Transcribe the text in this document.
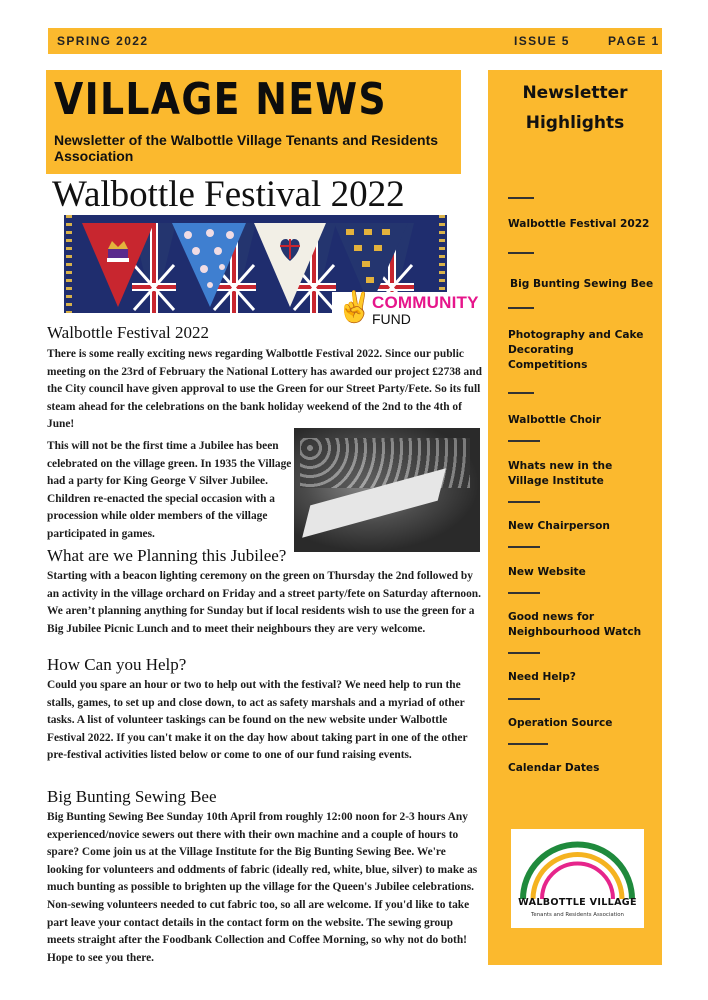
SPRING 2022	ISSUE 5	PAGE 1
VILLAGE NEWS
Newsletter of the Walbottle Village Tenants and Residents Association
Walbottle Festival 2022
✌
COMMUNITY
FUND
Walbottle Festival 2022
There is some really exciting news regarding Walbottle Festival 2022. Since our public meeting on the 23rd of February the National Lottery has awarded our project £2738 and the City council have given approval to use the Green for our Street Party/Fete. So its full steam ahead for the celebrations on the bank holiday weekend of the 2nd to the 4th of June!
This will not be the first time a Jubilee has been celebrated on the village green. In 1935 the Village had a party for King George V Silver Jubilee. Children re-enacted the special occasion with a procession while older members of the village participated in games.
What are we Planning this Jubilee?
Starting with a beacon lighting ceremony on the green on Thursday the 2nd followed by an activity in the village orchard on Friday and a street party/fete on Saturday afternoon. We aren’t planning anything for Sunday but if local residents wish to use the green for a Big Jubilee Picnic Lunch and to meet their neighbours they are very welcome.
How Can you Help?
Could you spare an hour or two to help out with the festival? We need help to run the stalls, games, to set up and close down, to act as safety marshals and a myriad of other tasks. A list of volunteer taskings can be found on the new website under Walbottle Festival 2022. If you can't make it on the day how about taking part in one of the other pre-festival activities listed below or come to one of our fund raising events.
Big Bunting Sewing Bee
Big Bunting Sewing Bee Sunday 10th April from roughly 12:00 noon for 2-3 hours Any experienced/novice sewers out there with their own machine and a couple of hours to spare? Come join us at the Village Institute for the Big Bunting Sewing Bee. We're looking for volunteers and oddments of fabric (ideally red, white, blue, silver) to make as much bunting as possible to brighten up the village for the Queen's Jubilee celebrations. Non-sewing volunteers needed to cut fabric too, so all are welcome. If you'd like to take part leave your contact details in the contact form on the website. The sewing group meets straight after the Foodbank Collection and Coffee Morning, so why not do both! Hope to see you there.
Newsletter Highlights
Walbottle Festival 2022
Big Bunting Sewing Bee
Photography and Cake Decorating Competitions
Walbottle Choir
Whats new in the Village Institute
New Chairperson
New Website
Good news for Neighbourhood Watch
Need Help?
Operation Source
Calendar Dates
WALBOTTLE VILLAGE
Tenants and Residents Association
